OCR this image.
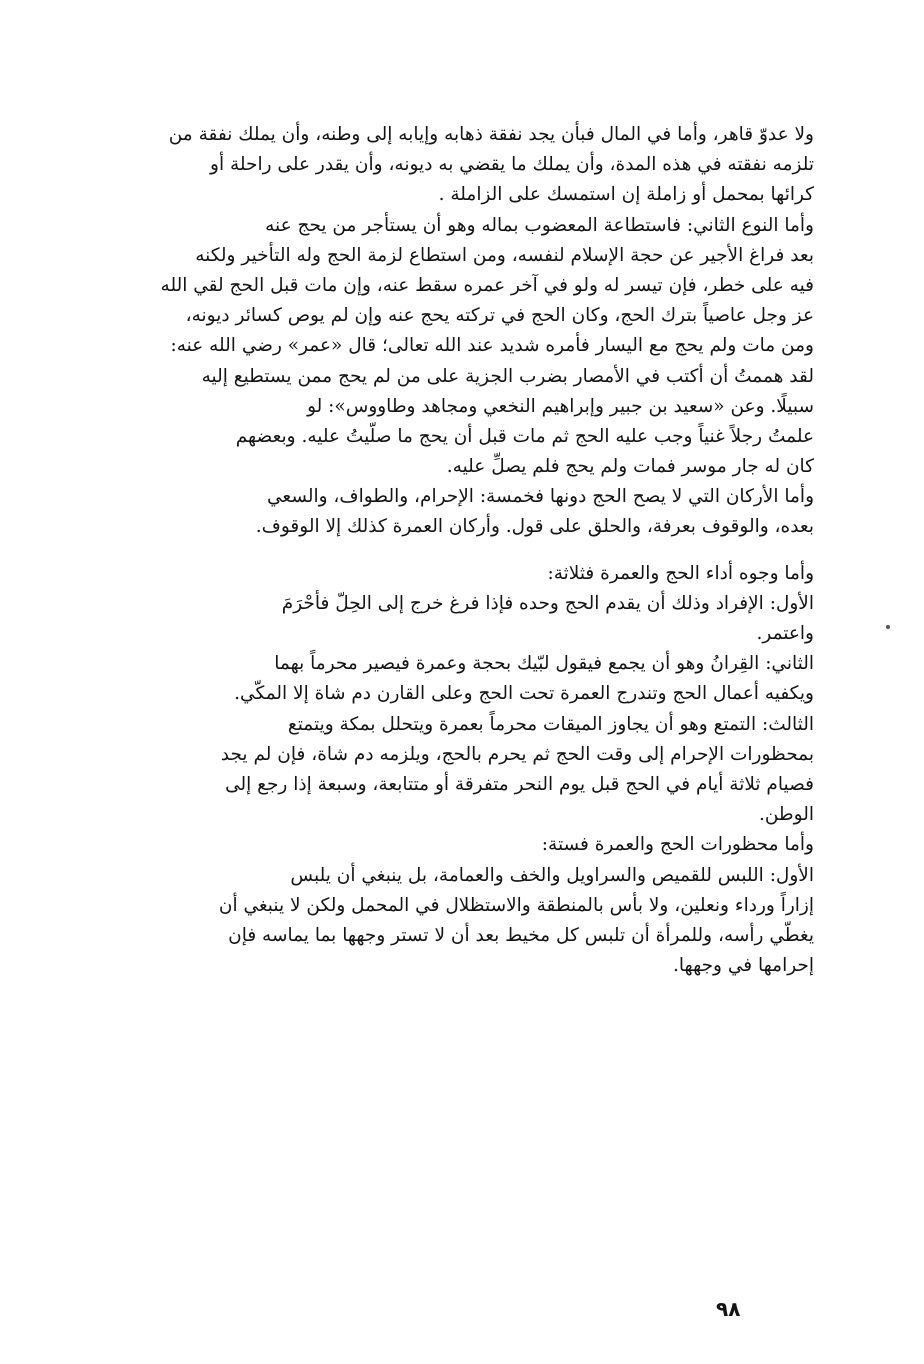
ولا عدوّ قاهر، وأما في المال فبأن يجد نفقة ذهابه وإيابه إلى وطنه، وأن يملك نفقة من
تلزمه نفقته في هذه المدة، وأن يملك ما يقضي به ديونه، وأن يقدر على راحلة أو
كرائها بمحمل أو زاملة إن استمسك على الزاملة .
وأما النوع الثاني: فاستطاعة المعضوب بماله وهو أن يستأجر من يحج عنه
بعد فراغ الأجير عن حجة الإسلام لنفسه، ومن استطاع لزمة الحج وله التأخير ولكنه
فيه على خطر، فإن تيسر له ولو في آخر عمره سقط عنه، وإن مات قبل الحج لقي الله
عز وجل عاصياً بترك الحج، وكان الحج في تركته يحج عنه وإن لم يوص كسائر ديونه،
ومن مات ولم يحج مع اليسار فأمره شديد عند الله تعالى؛ قال «عمر» رضي الله عنه:
لقد هممتُ أن أكتب في الأمصار بضرب الجزية على من لم يحج ممن يستطيع إليه
سبيلًا. وعن «سعيد بن جبير وإبراهيم النخعي ومجاهد وطاووس»: لو
علمتُ رجلاً غنياً وجب عليه الحج ثم مات قبل أن يحج ما صلَّيتُ عليه. وبعضهم
كان له جار موسر فمات ولم يحج فلم يصلِّ عليه.
وأما الأركان التي لا يصح الحج دونها فخمسة: الإحرام، والطواف، والسعي
بعده، والوقوف بعرفة، والحلق على قول. وأركان العمرة كذلك إلا الوقوف.
وأما وجوه أداء الحج والعمرة فثلاثة:
الأول: الإفراد وذلك أن يقدم الحج وحده فإذا فرغ خرج إلى الحِلّ فأحْرَمَ
واعتمر.
الثاني: القِرانُ وهو أن يجمع فيقول لبّيك بحجة وعمرة فيصير محرماً بهما
ويكفيه أعمال الحج وتندرج العمرة تحت الحج وعلى القارن دم شاة إلا المكّي.
الثالث: التمتع وهو أن يجاوز الميقات محرماً بعمرة ويتحلل بمكة ويتمتع
بمحظورات الإحرام إلى وقت الحج ثم يحرم بالحج، ويلزمه دم شاة، فإن لم يجد
فصيام ثلاثة أيام في الحج قبل يوم النحر متفرقة أو متتابعة، وسبعة إذا رجع إلى
الوطن.
وأما محظورات الحج والعمرة فستة:
الأول: اللبس للقميص والسراويل والخف والعمامة، بل ينبغي أن يلبس
إزاراً ورداء ونعلين، ولا بأس بالمنطقة والاستظلال في المحمل ولكن لا ينبغي أن
يغطّي رأسه، وللمرأة أن تلبس كل مخيط بعد أن لا تستر وجهها بما يماسه فإن
إحرامها في وجهها.
٩٨
